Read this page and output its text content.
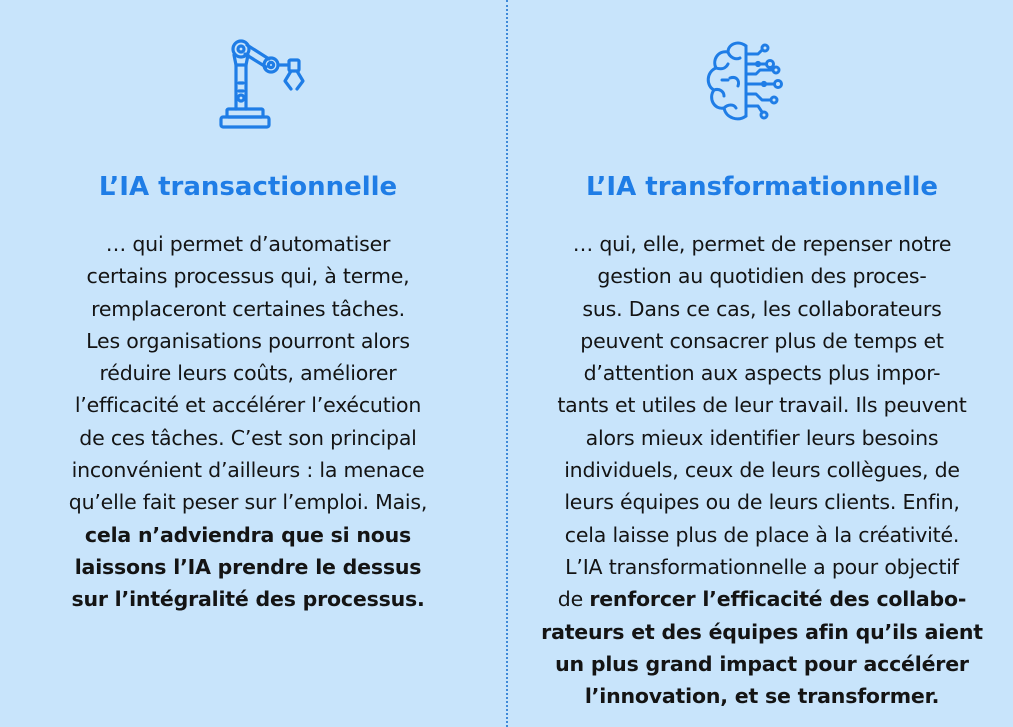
L’IA transactionnelle

… qui permet d’automatiser
certains processus qui, à terme,
remplaceront certaines tâches.
Les organisations pourront alors
réduire leurs coûts, améliorer
l’efficacité et accélérer l’exécution
de ces tâches. C’est son principal
inconvénient d’ailleurs : la menace
qu’elle fait peser sur l’emploi. Mais,
cela n’adviendra que si nous
laissons l’IA prendre le dessus
sur l’intégralité des processus.

L’IA transformationnelle

… qui, elle, permet de repenser notre
gestion au quotidien des proces-
sus. Dans ce cas, les collaborateurs
peuvent consacrer plus de temps et
d’attention aux aspects plus impor-
tants et utiles de leur travail. Ils peuvent
alors mieux identifier leurs besoins
individuels, ceux de leurs collègues, de
leurs équipes ou de leurs clients. Enfin,
cela laisse plus de place à la créativité.
L’IA transformationnelle a pour objectif
de renforcer l’efficacité des collabo-
rateurs et des équipes afin qu’ils aient
un plus grand impact pour accélérer
l’innovation, et se transformer.
